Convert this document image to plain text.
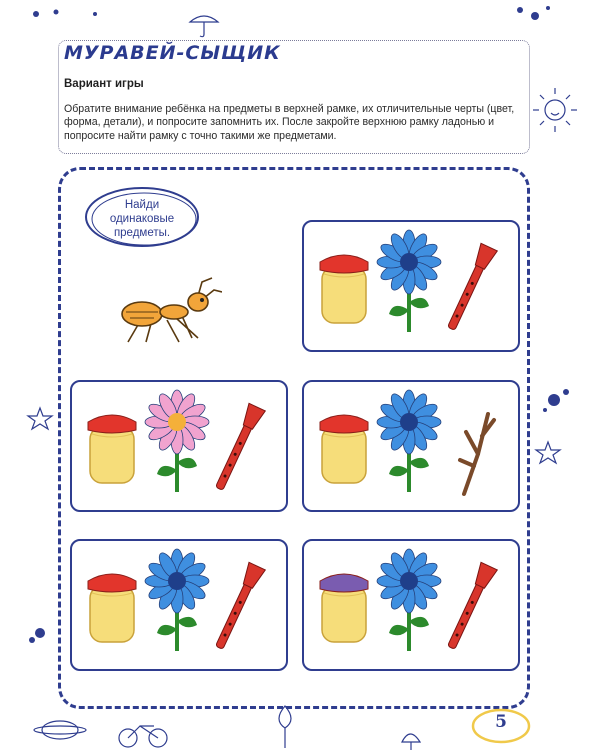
МУРАВЕЙ-СЫЩИК
Вариант игры
Обратите внимание ребёнка на предметы в верхней рамке, их отличительные черты (цвет, форма, детали), и попросите запомнить их. После закройте верхнюю рамку ладонью и попросите найти рамку с точно такими же предметами.
Найди одинаковые предметы.
5
